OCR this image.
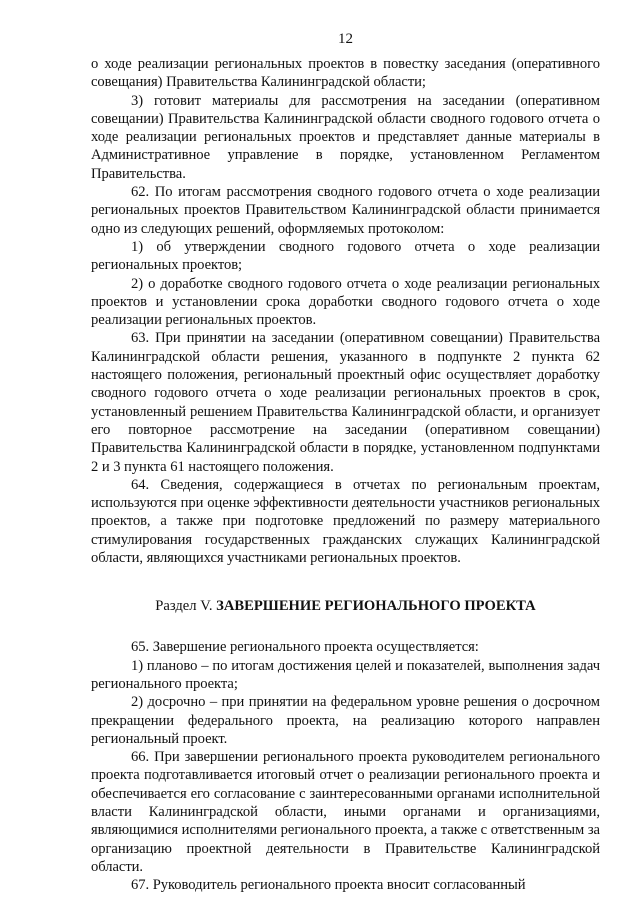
12

о ходе реализации региональных проектов в повестку заседания (оперативного совещания) Правительства Калининградской области;

3) готовит материалы для рассмотрения на заседании (оперативном совещании) Правительства Калининградской области сводного годового отчета о ходе реализации региональных проектов и представляет данные материалы в Административное управление в порядке, установленном Регламентом Правительства.

62. По итогам рассмотрения сводного годового отчета о ходе реализации региональных проектов Правительством Калининградской области принимается одно из следующих решений, оформляемых протоколом:

1) об утверждении сводного годового отчета о ходе реализации региональных проектов;

2) о доработке сводного годового отчета о ходе реализации региональных проектов и установлении срока доработки сводного годового отчета о ходе реализации региональных проектов.

63. При принятии на заседании (оперативном совещании) Правительства Калининградской области решения, указанного в подпункте 2 пункта 62 настоящего положения, региональный проектный офис осуществляет доработку сводного годового отчета о ходе реализации региональных проектов в срок, установленный решением Правительства Калининградской области, и организует его повторное рассмотрение на заседании (оперативном совещании) Правительства Калининградской области в порядке, установленном подпунктами 2 и 3 пункта 61 настоящего положения.

64. Сведения, содержащиеся в отчетах по региональным проектам, используются при оценке эффективности деятельности участников региональных проектов, а также при подготовке предложений по размеру материального стимулирования государственных гражданских служащих Калининградской области, являющихся участниками региональных проектов.

Раздел V. ЗАВЕРШЕНИЕ РЕГИОНАЛЬНОГО ПРОЕКТА

65. Завершение регионального проекта осуществляется:

1) планово – по итогам достижения целей и показателей, выполнения задач регионального проекта;

2) досрочно – при принятии на федеральном уровне решения о досрочном прекращении федерального проекта, на реализацию которого направлен региональный проект.

66. При завершении регионального проекта руководителем регионального проекта подготавливается итоговый отчет о реализации регионального проекта и обеспечивается его согласование с заинтересованными органами исполнительной власти Калининградской области, иными органами и организациями, являющимися исполнителями регионального проекта, а также с ответственным за организацию проектной деятельности в Правительстве Калининградской области.

67. Руководитель регионального проекта вносит согласованный
